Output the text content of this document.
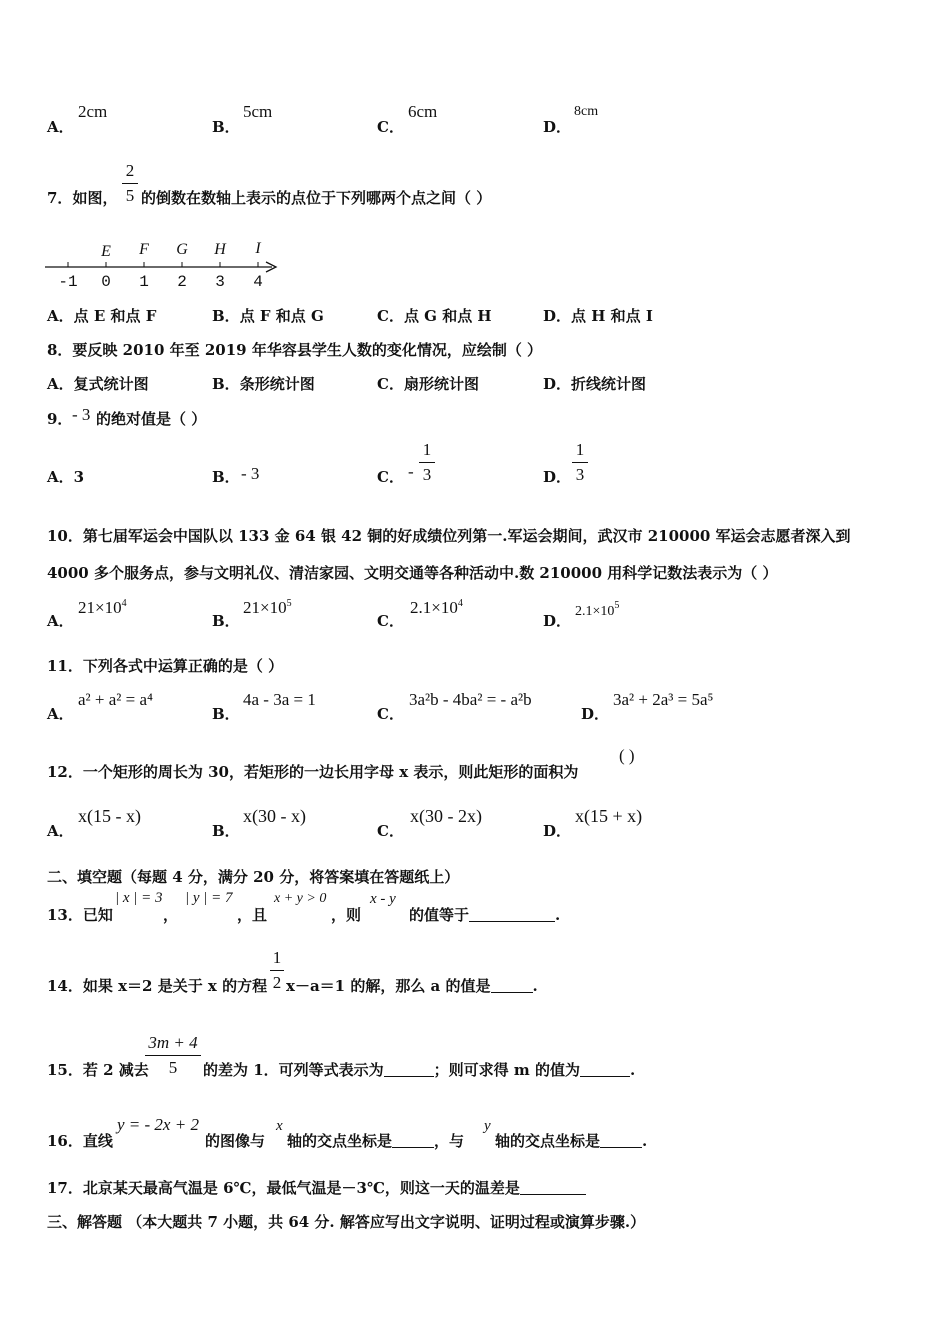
A．
2cm
B．
5cm
C．
6cm
D．
8cm
7．如图，
2
5 的倒数在数轴上表示的点位于下列哪两个点之间（ ）
-1 0 1 2 3 4
E F G H I
A．点 E 和点 F	B．点 F 和点 G	C．点 G 和点 H	D．点 H 和点 I
8．要反映 2010 年至 2019 年华容县学生人数的变化情况，应绘制（ ）
A．复式统计图	B．条形统计图	C．扇形统计图	D．折线统计图
9． - 3 的绝对值是（ ）
A．3	B． - 3	C． -
1
3	D．
1
3
10．第七届军运会中国队以 133 金 64 银 42 铜的好成绩位列第一.军运会期间，武汉市 210000 军运会志愿者深入到
4000 多个服务点，参与文明礼仪、清洁家园、文明交通等各种活动中.数 210000 用科学记数法表示为（ ）
A．
$21\times 10^4$
B．
$21\times 10^5$
C．
$2.1\times 10^4$
D．
$2.1\times 10^5$
11．下列各式中运算正确的是（ ）
A．
a² + a² = a⁴
B．
4a - 3a = 1
C．
3a²b - 4ba² = - a²b
D．
3a² + 2a³ = 5a⁵
12．一个矩形的周长为 30，若矩形的一边长用字母 x 表示，则此矩形的面积为
( )
A．
x(15 - x)
B．
x(30 - x)
C．
x(30 - 2x)
D．
x(15 + x)
二、填空题（每题 4 分，满分 20 分，将答案填在答题纸上）
13．已知
| x | = 3
，
| y | = 7
，且
x + y > 0
，则
x - y
的值等于	.
14．如果 x＝2 是关于 x 的方程
1
2 x－a＝1 的解，那么 a 的值是	.
15．若 2 减去
3m + 4
5	的差为 1．可列等式表示为	；则可求得 m 的值为	.
16．直线
y = - 2x + 2
的图像与
x
轴的交点坐标是	，与
y
轴的交点坐标是	.
17．北京某天最高气温是 6℃，最低气温是－3℃，则这一天的温差是
三、解答题 （本大题共 7 小题，共 64 分. 解答应写出文字说明、证明过程或演算步骤.）
